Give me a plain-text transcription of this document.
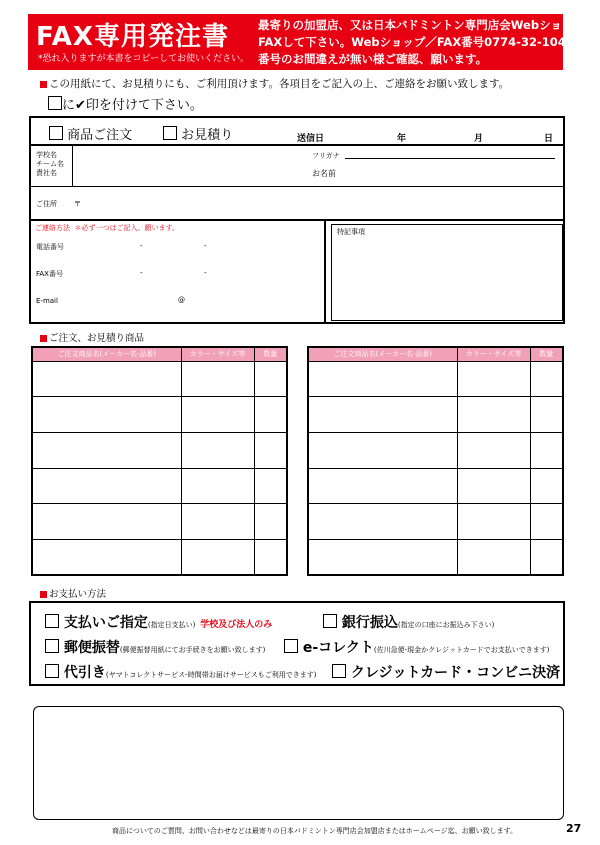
FAX専用発注書
*恐れ入りますが本書をコピーしてお使いください。
最寄りの加盟店、又は日本バドミントン専門店会Webショップ迄
FAXして下さい。Webショップ／FAX番号0774-32-1041
番号のお間違えが無い様ご確認、願います。
この用紙にて、お見積りにも、ご利用頂けます。各項目をご記入の上、ご連絡をお願い致します。
に✔印を付けて下さい。
商品ご注文	お見積り	送信日	年	月	日
学校名
チーム名
責社名
フリガナ
お名前
ご住所 〒
ご連絡方法 ＊必ず一つはご記入、願います。
電話番号	-	-
FAX番号	-	-
E-mail	@
特記事項
ご注文、お見積り商品
ご注文商品名(メーカー名·品番)	カラー・サイズ等	数量

			ご注文商品名(メーカー名·品番)	カラー・サイズ等	数量

お支払い方法
支払いご指定(指定日支払い) 学校及び法人のみ	銀行振込(指定の口座にお振込み下さい)
郵便振替(郵便振替用紙にてお手続きをお願い致します)	e-コレクト(佐川急便-現金かクレジットカードでお支払いできます)
代引き(ヤマトコレクトサービス-時間帯お届けサービスもご利用できます)	クレジットカード・コンビニ決済
商品についてのご質問、お問い合わせなどは最寄りの日本バドミントン専門店会加盟店またはホームページ迄、お願い致します。	27
